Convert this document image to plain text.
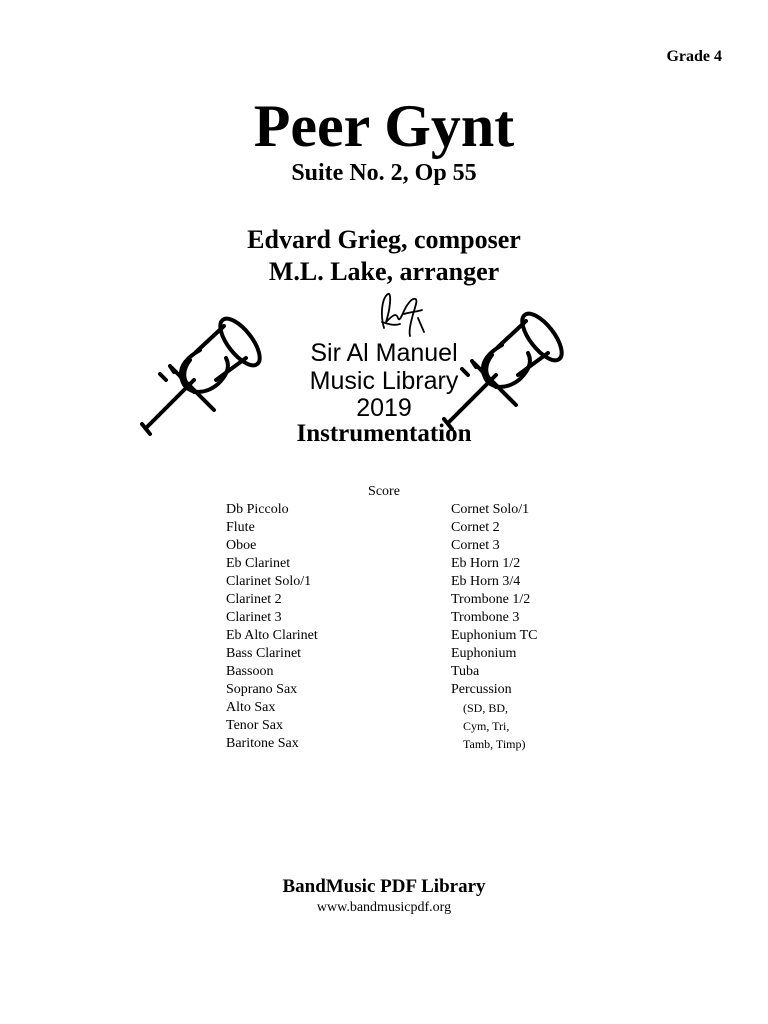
Grade 4
Peer Gynt
Suite No. 2, Op 55
Edvard Grieg, composer
M.L. Lake, arranger
Sir Al Manuel
Music Library
2019
Instrumentation
Score
Db Piccolo
Flute
Oboe
Eb Clarinet
Clarinet Solo/1
Clarinet 2
Clarinet 3
Eb Alto Clarinet
Bass Clarinet
Bassoon
Soprano Sax
Alto Sax
Tenor Sax
Baritone Sax
Cornet Solo/1
Cornet 2
Cornet 3
Eb Horn 1/2
Eb Horn 3/4
Trombone 1/2
Trombone 3
Euphonium TC
Euphonium
Tuba
Percussion
(SD, BD,
Cym, Tri,
Tamb, Timp)
BandMusic PDF Library
www.bandmusicpdf.org
